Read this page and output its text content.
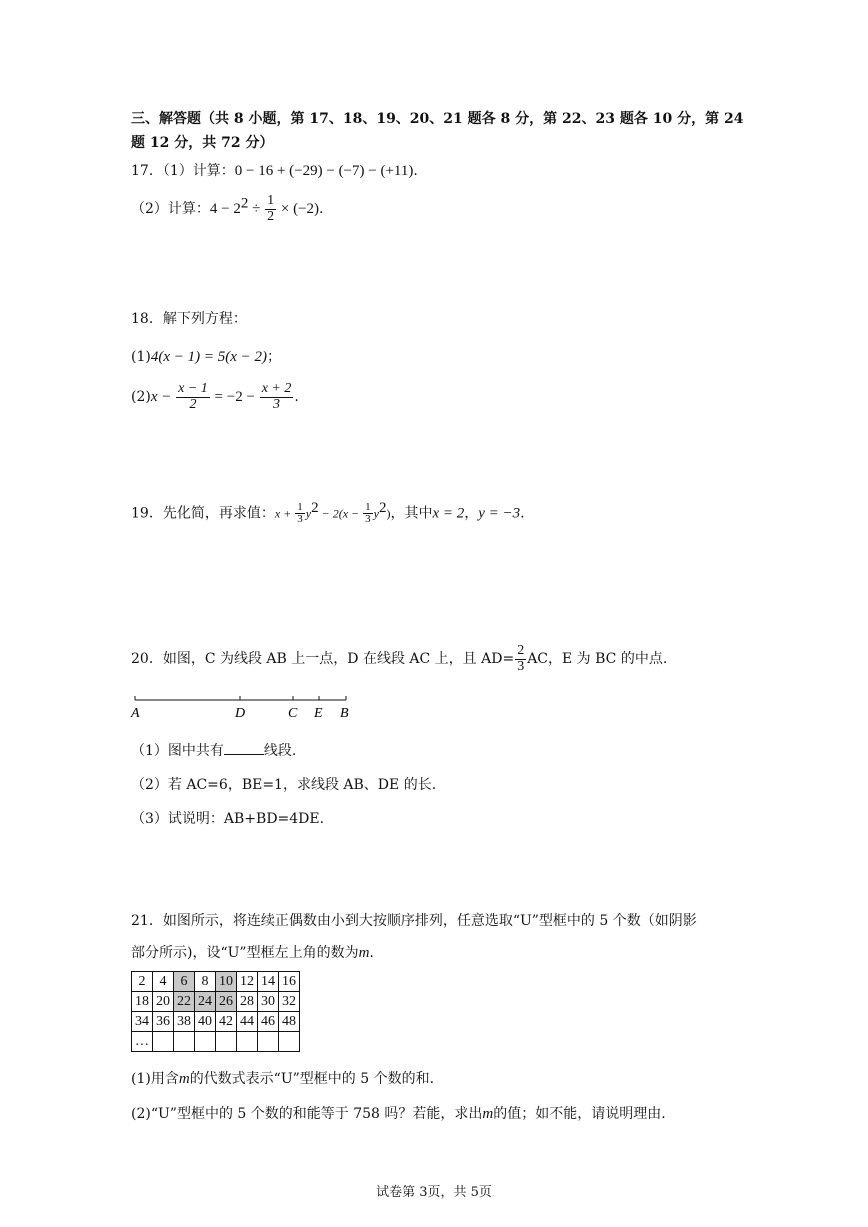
三、解答题（共 8 小题，第 17、18、19、20、21 题各 8 分，第 22、23 题各 10 分，第 24
题 12 分，共 72 分）
17．（1）计算：0 − 16 + (−29) − (−7) − (+11).
（2）计算：$4 - 2^2 \div \frac{1}{2} \times (-2)$.
18．解下列方程：
(1)4(x − 1) = 5(x − 2)；
$(2)x - \frac{x - 1}{2} = -2 - \frac{x + 2}{3}$ .
19．先化简，再求值：$x + \frac{1}{3} y^2 - 2(x - \frac{1}{3} y^2)$，其中x = 2，y = −3.
20．如图，C 为线段 AB 上一点，D 在线段 AC 上，且 $AD= \frac{2}{3}$ AC，E 为 BC 的中点.
A	D	C E B
（1）图中共有	线段.
（2）若 AC=6，BE=1，求线段 AB、DE 的长.
（3）试说明：AB+BD=4DE.
21．如图所示，将连续正偶数由小到大按顺序排列，任意选取“U”型框中的 5 个数（如阴影
部分所示)，设“U”型框左上角的数为m.
2	4	6	8	10	12	14	16
18	20	22	24	26	28	30	32
34	36	38	40	42	44	46	48
…							
(1)用含m的代数式表示“U”型框中的 5 个数的和.
(2)“U”型框中的 5 个数的和能等于 758 吗？若能，求出m的值；如不能，请说明理由.
试卷第 3页，共 5页
